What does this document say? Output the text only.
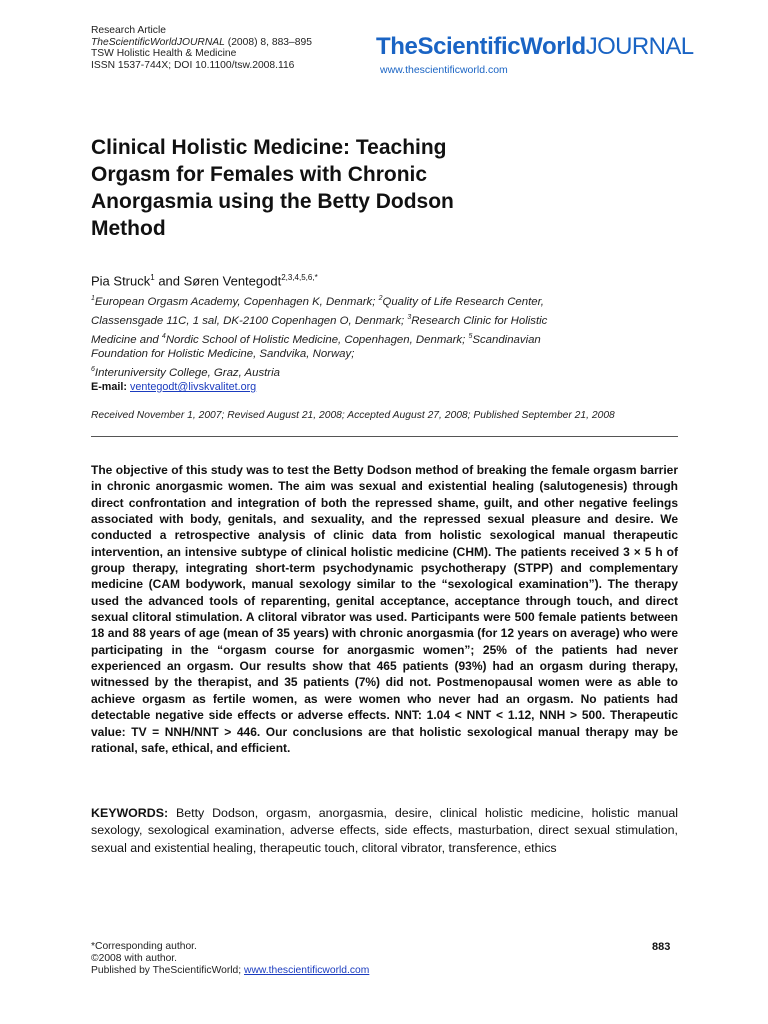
Research Article
TheScientificWorldJOURNAL (2008) 8, 883–895
TSW Holistic Health & Medicine
ISSN 1537-744X; DOI 10.1100/tsw.2008.116
TheScientificWorldJOURNAL
www.thescientificworld.com
Clinical Holistic Medicine: Teaching Orgasm for Females with Chronic Anorgasmia using the Betty Dodson Method
Pia Struck$^1$ and Søren Ventegodt$^{2,3,4,5,6,*}$
$^1$European Orgasm Academy, Copenhagen K, Denmark; $^2$Quality of Life Research Center, Classensgade 11C, 1 sal, DK-2100 Copenhagen O, Denmark; $^3$Research Clinic for Holistic Medicine and $^4$Nordic School of Holistic Medicine, Copenhagen, Denmark; $^5$Scandinavian Foundation for Holistic Medicine, Sandvika, Norway;
$^6$Interuniversity College, Graz, Austria
E-mail: ventegodt@livskvalitet.org
Received November 1, 2007; Revised August 21, 2008; Accepted August 27, 2008; Published September 21, 2008
The objective of this study was to test the Betty Dodson method of breaking the female orgasm barrier in chronic anorgasmic women. The aim was sexual and existential healing (salutogenesis) through direct confrontation and integration of both the repressed shame, guilt, and other negative feelings associated with body, genitals, and sexuality, and the repressed sexual pleasure and desire. We conducted a retrospective analysis of clinic data from holistic sexological manual therapeutic intervention, an intensive subtype of clinical holistic medicine (CHM). The patients received 3 × 5 h of group therapy, integrating short-term psychodynamic psychotherapy (STPP) and complementary medicine (CAM bodywork, manual sexology similar to the “sexological examination”). The therapy used the advanced tools of reparenting, genital acceptance, acceptance through touch, and direct sexual clitoral stimulation. A clitoral vibrator was used. Participants were 500 female patients between 18 and 88 years of age (mean of 35 years) with chronic anorgasmia (for 12 years on average) who were participating in the “orgasm course for anorgasmic women”; 25% of the patients had never experienced an orgasm. Our results show that 465 patients (93%) had an orgasm during therapy, witnessed by the therapist, and 35 patients (7%) did not. Postmenopausal women were as able to achieve orgasm as fertile women, as were women who never had an orgasm. No patients had detectable negative side effects or adverse effects. NNT: 1.04 < NNT < 1.12, NNH > 500. Therapeutic value: TV = NNH/NNT > 446. Our conclusions are that holistic sexological manual therapy may be rational, safe, ethical, and efficient.
KEYWORDS: Betty Dodson, orgasm, anorgasmia, desire, clinical holistic medicine, holistic manual sexology, sexological examination, adverse effects, side effects, masturbation, direct sexual stimulation, sexual and existential healing, therapeutic touch, clitoral vibrator, transference, ethics
*Corresponding author.
©2008 with author.
Published by TheScientificWorld; www.thescientificworld.com
883
